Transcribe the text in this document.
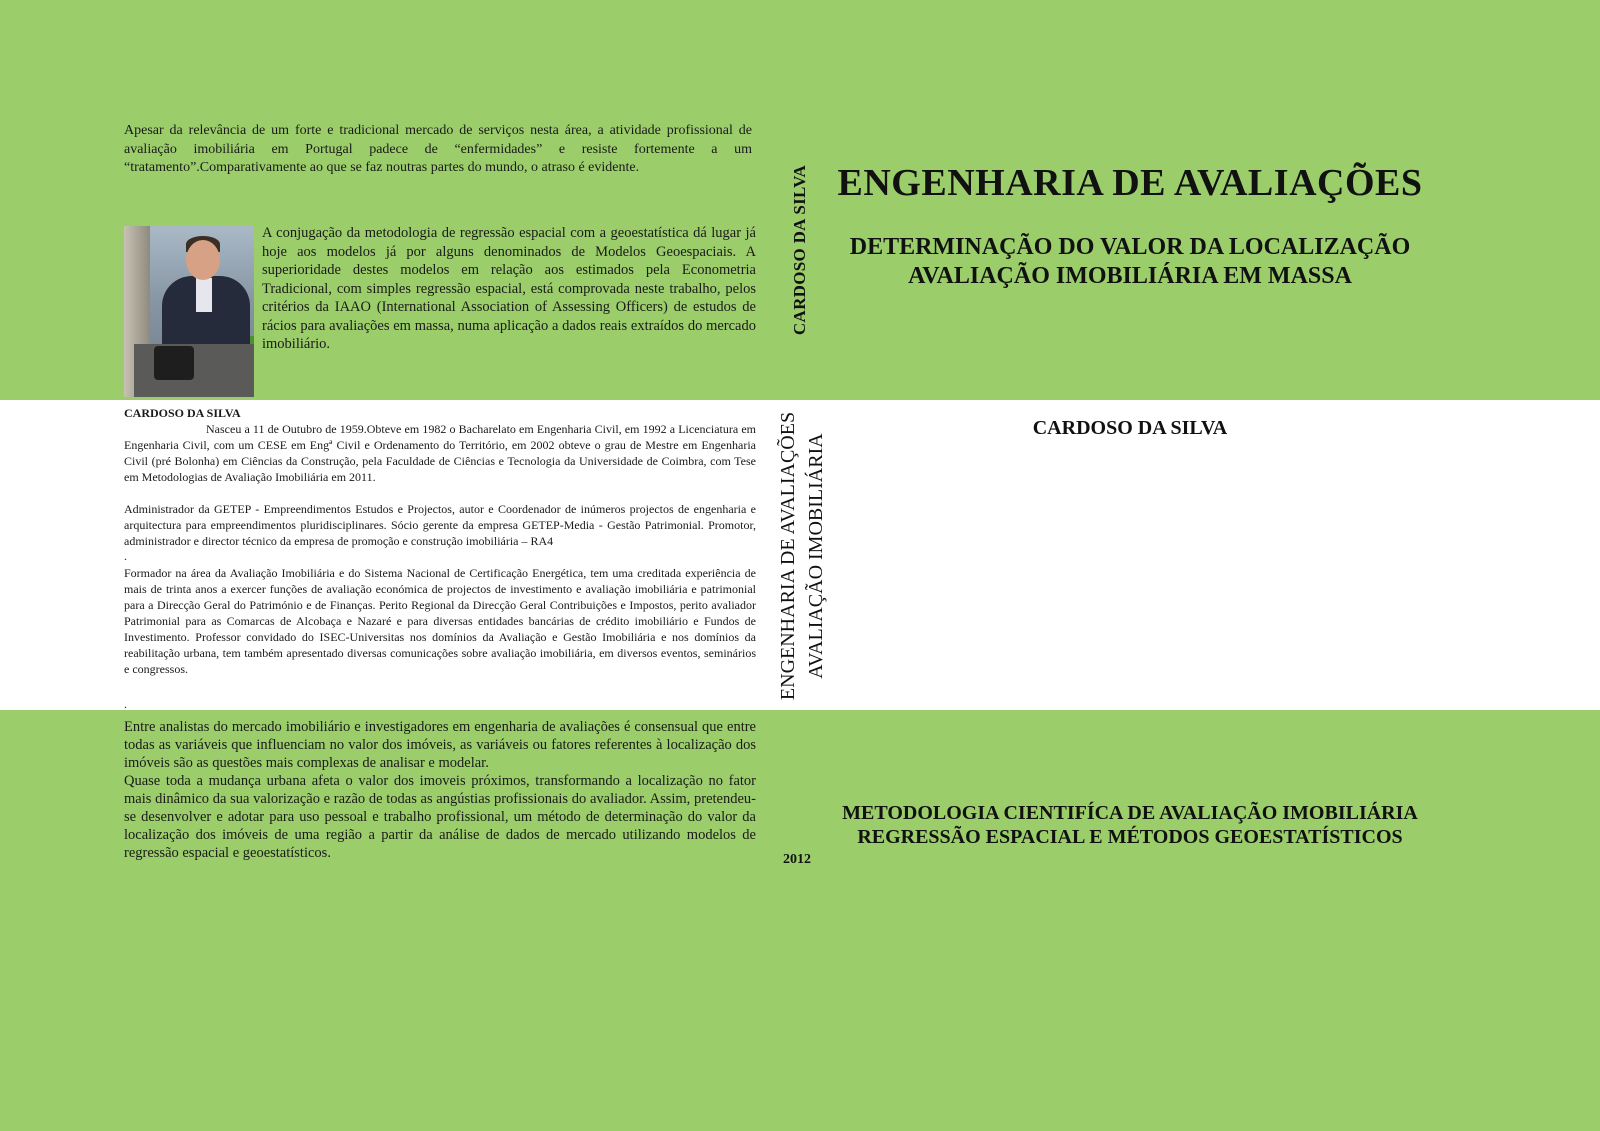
Apesar da relevância de um forte e tradicional mercado de serviços nesta área, a atividade profissional de avaliação imobiliária em Portugal padece de “enfermidades” e resiste fortemente a um “tratamento”.Comparativamente ao que se faz noutras partes do mundo, o atraso é evidente.

A conjugação da metodologia de regressão espacial com a geoestatística dá lugar já hoje aos modelos já por alguns denominados de Modelos Geoespaciais. A superioridade destes modelos em relação aos estimados pela Econometria Tradicional, com simples regressão espacial, está comprovada neste trabalho, pelos critérios da IAAO (International Association of Assessing Officers) de estudos de rácios para avaliações em massa, numa aplicação a dados reais extraídos do mercado imobiliário.

CARDOSO DA SILVA

Nasceu a 11 de Outubro de 1959.Obteve em 1982 o Bacharelato em Engenharia Civil, em 1992 a Licenciatura em Engenharia Civil, com um CESE em Engª Civil e Ordenamento do Território, em 2002 obteve o grau de Mestre em Engenharia Civil (pré Bolonha) em Ciências da Construção, pela Faculdade de Ciências e Tecnologia da Universidade de Coimbra, com Tese em Metodologias de Avaliação Imobiliária em 2011.

Administrador da GETEP - Empreendimentos Estudos e Projectos, autor e Coordenador de inúmeros projectos de engenharia e arquitectura para empreendimentos pluridisciplinares. Sócio gerente da empresa GETEP-Media - Gestão Patrimonial. Promotor, administrador e director técnico da empresa de promoção e construção imobiliária – RA4

.

Formador na área da Avaliação Imobiliária e do Sistema Nacional de Certificação Energética, tem uma creditada experiência de mais de trinta anos a exercer funções de avaliação económica de projectos de investimento e avaliação imobiliária e patrimonial para a Direcção Geral do Património e de Finanças. Perito Regional da Direcção Geral Contribuições e Impostos, perito avaliador Patrimonial para as Comarcas de Alcobaça e Nazaré e para diversas entidades bancárias de crédito imobiliário e Fundos de Investimento. Professor convidado do ISEC-Universitas nos domínios da Avaliação e Gestão Imobiliária e nos domínios da reabilitação urbana, tem também apresentado diversas comunicações sobre avaliação imobiliária, em diversos eventos, seminários e congressos.

.

Entre analistas do mercado imobiliário e investigadores em engenharia de avaliações é consensual que entre todas as variáveis que influenciam no valor dos imóveis, as variáveis ou fatores referentes à localização dos imóveis são as questões mais complexas de analisar e modelar.
Quase toda a mudança urbana afeta o valor dos imoveis próximos, transformando a localização no fator mais dinâmico da sua valorização e razão de todas as angústias profissionais do avaliador. Assim, pretendeu-se desenvolver e adotar para uso pessoal e trabalho profissional, um método de determinação do valor da localização dos imóveis de uma região a partir da análise de dados de mercado utilizando modelos de regressão espacial e geoestatísticos.

CARDOSO DA SILVA
ENGENHARIA DE AVALIAÇÕES AVALIAÇÃO IMOBILIÁRIA
2012
ENGENHARIA DE AVALIAÇÕES
DETERMINAÇÃO DO VALOR DA LOCALIZAÇÃO
AVALIAÇÃO IMOBILIÁRIA EM MASSA
CARDOSO DA SILVA
METODOLOGIA CIENTIFÍCA DE AVALIAÇÃO IMOBILIÁRIA
REGRESSÃO ESPACIAL E MÉTODOS GEOESTATÍSTICOS
